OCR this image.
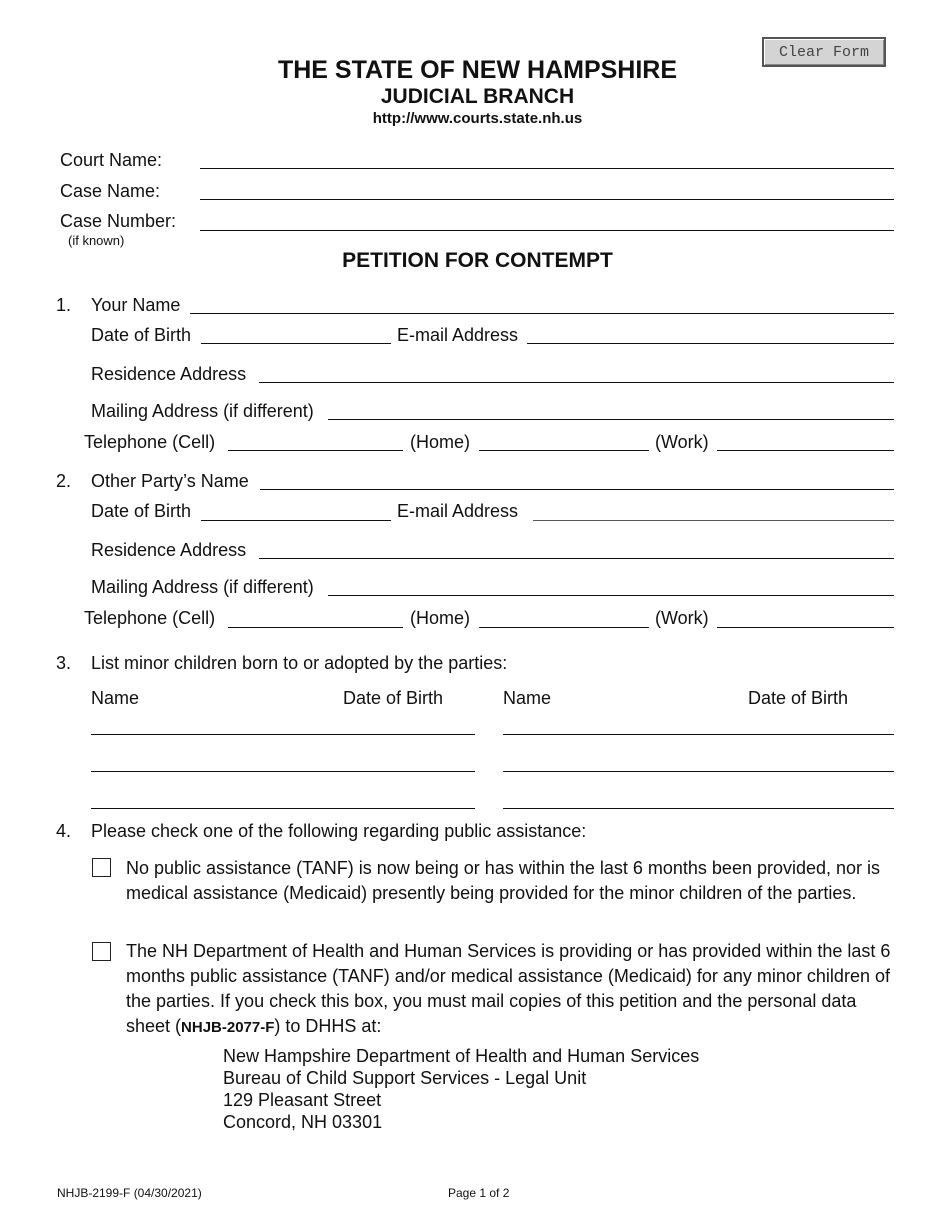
Clear Form
THE STATE OF NEW HAMPSHIRE
JUDICIAL BRANCH
http://www.courts.state.nh.us
Court Name:
Case Name:
Case Number:
(if known)
PETITION FOR CONTEMPT
1. Your Name
Date of Birth	E-mail Address
Residence Address
Mailing Address (if different)
Telephone (Cell)	(Home)	(Work)
2. Other Party’s Name
Date of Birth	E-mail Address
Residence Address
Mailing Address (if different)
Telephone (Cell)	(Home)	(Work)
3. List minor children born to or adopted by the parties:
Name	Date of Birth	Name	Date of Birth
4. Please check one of the following regarding public assistance:
No public assistance (TANF) is now being or has within the last 6 months been provided, nor is medical assistance (Medicaid) presently being provided for the minor children of the parties.
The NH Department of Health and Human Services is providing or has provided within the last 6 months public assistance (TANF) and/or medical assistance (Medicaid) for any minor children of the parties. If you check this box, you must mail copies of this petition and the personal data sheet (NHJB-2077-F) to DHHS at:
New Hampshire Department of Health and Human Services
Bureau of Child Support Services - Legal Unit
129 Pleasant Street
Concord, NH 03301
NHJB-2199-F (04/30/2021)	Page 1 of 2
